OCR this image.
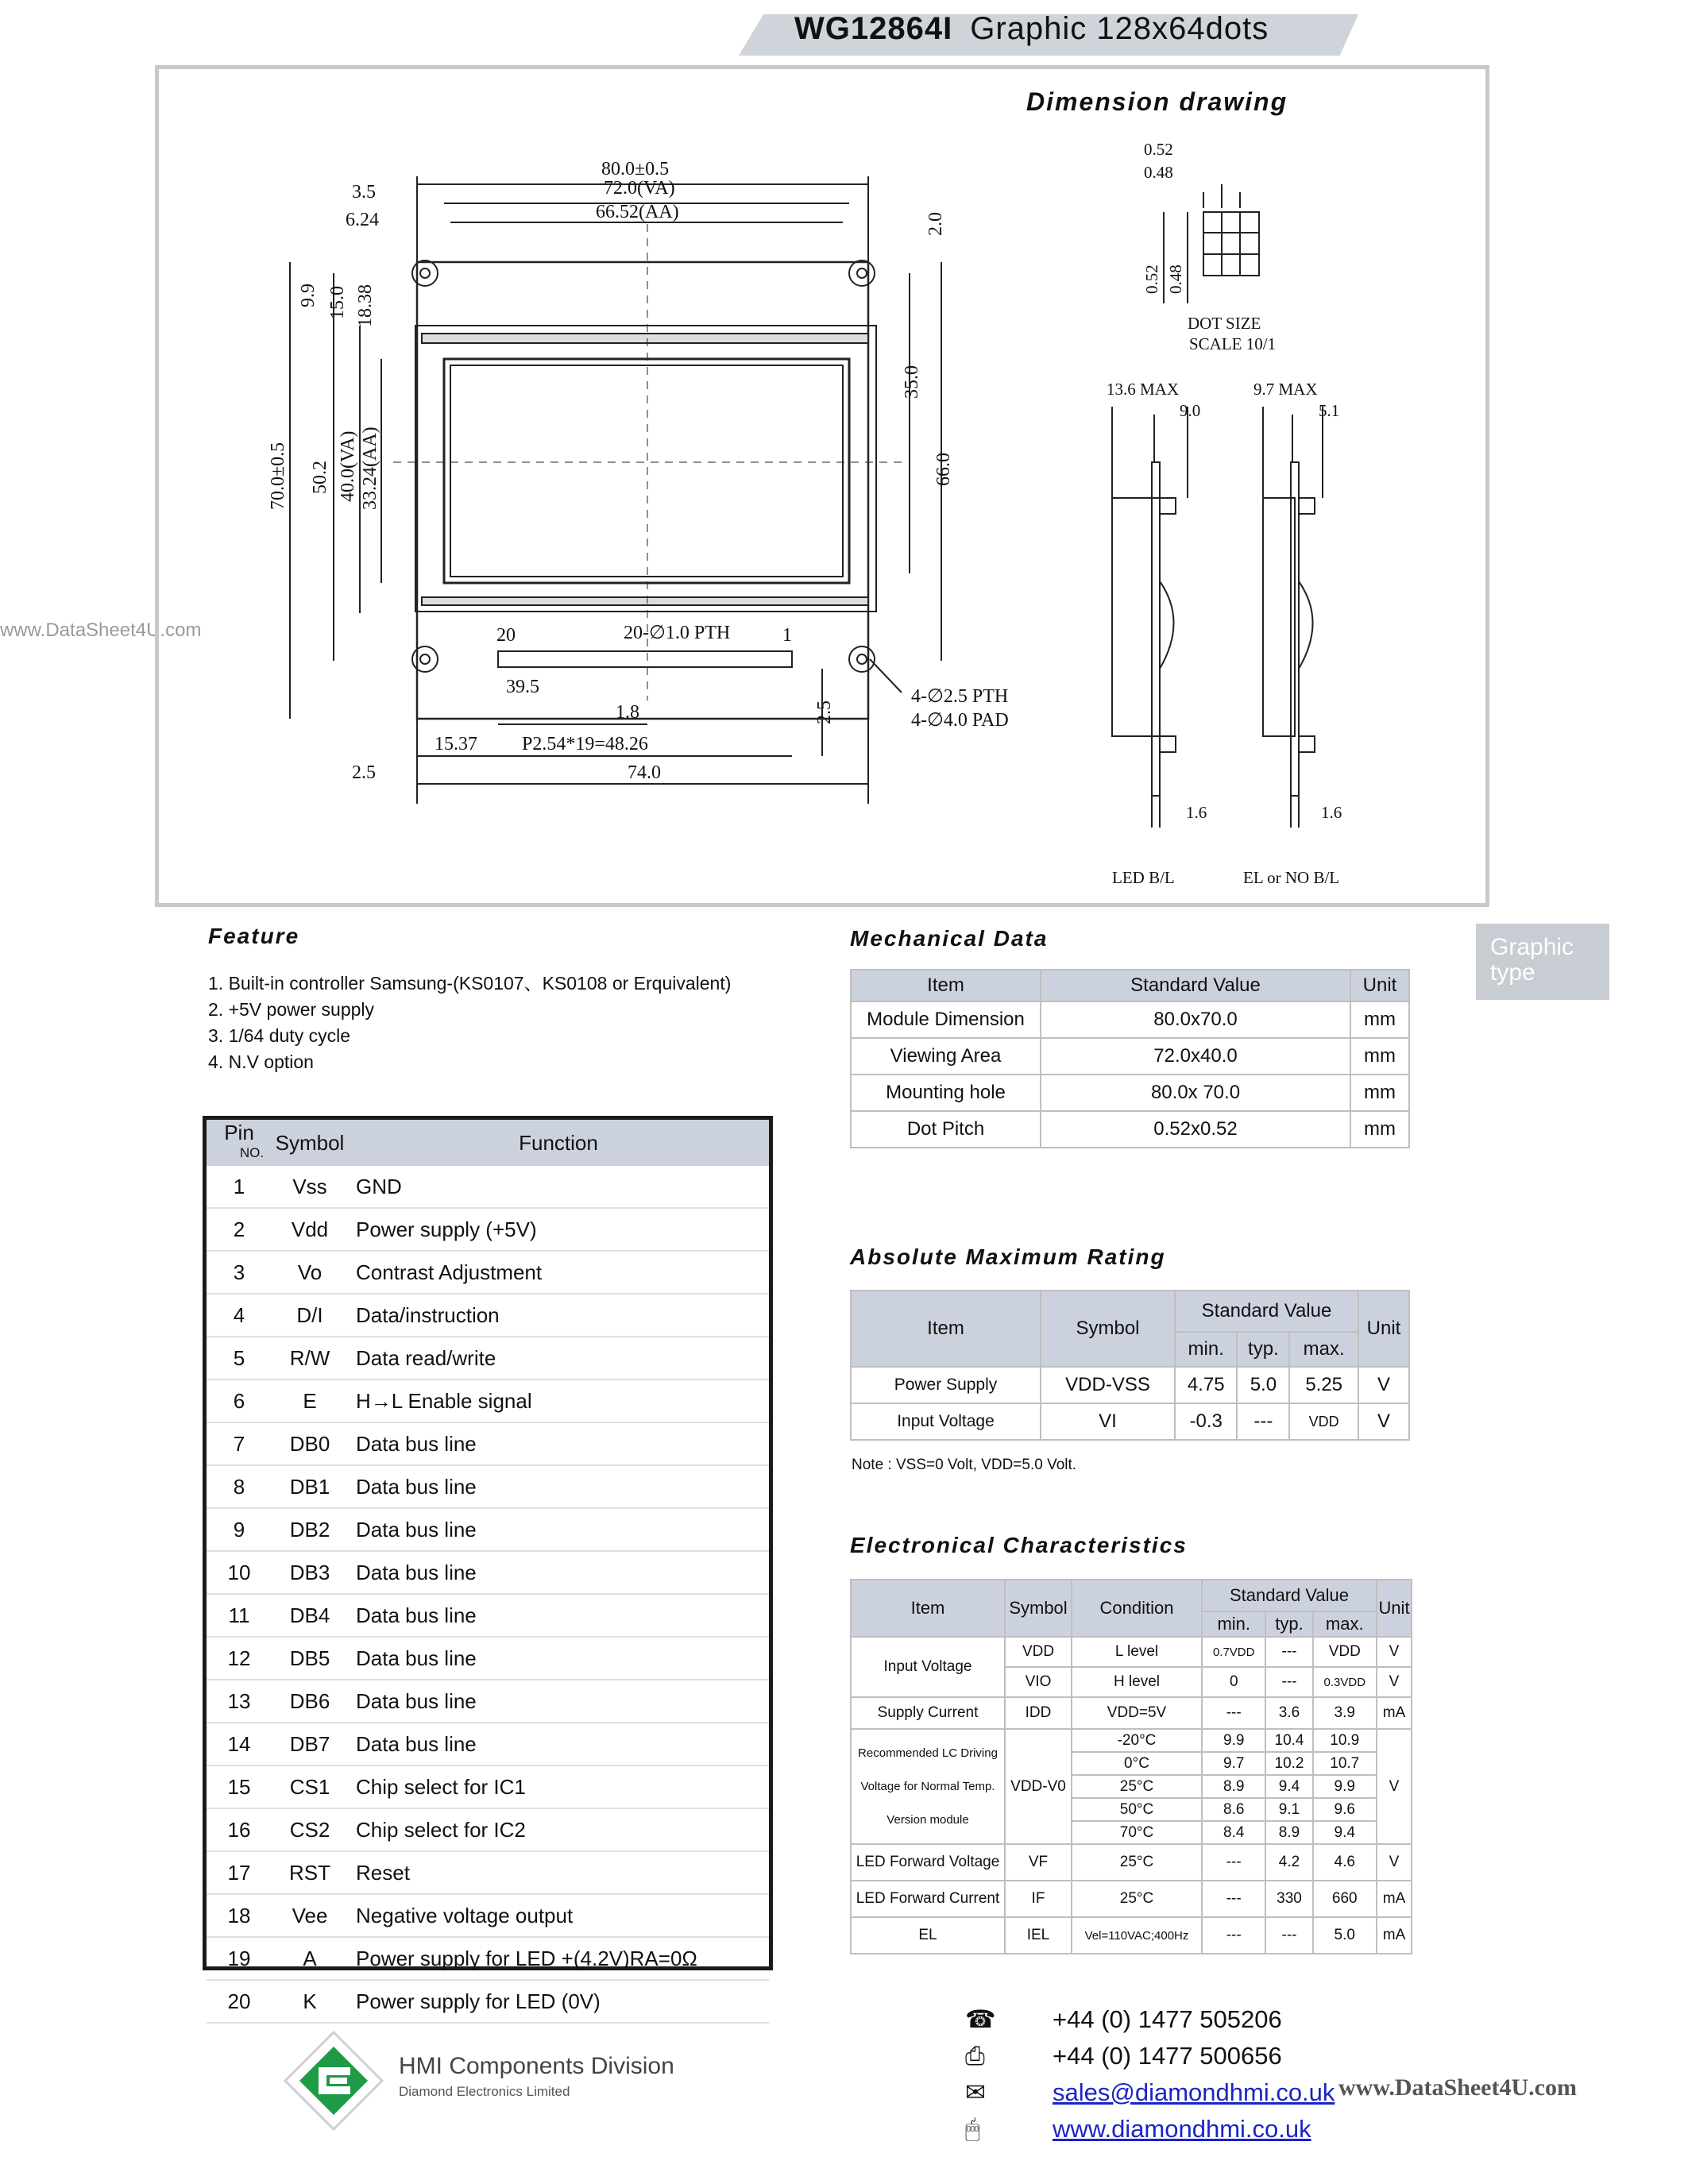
WG12864I Graphic 128x64dots
www.DataSheet4U.com
Dimension drawing
80.0±0.5
72.0(VA)
66.52(AA)
3.5
6.24	2.0
35.0
66.0
9.9 15.0 18.38
70.0±0.5 50.2 40.0(VA) 33.24(AA)
20	20-∅1.0 PTH	1
39.5
1.8
15.37 P2.54*19=48.26
2.5
2.5
74.0
4-∅2.5 PTH
4-∅4.0 PAD
0.52
0.48
0.52 0.48
DOT SIZE
SCALE 10/1
13.6 MAX
9.0
1.6
LED B/L
9.7 MAX
5.1
1.6
EL or NO B/L
Graphic
type
Feature
1. Built-in controller Samsung-(KS0107、KS0108 or Erquivalent)
2. +5V power supply
3. 1/64 duty cycle
4. N.V option
Pin
NO.	Symbol	Function
1	Vss	GND
2	Vdd	Power supply (+5V)
3	Vo	Contrast Adjustment
4	D/I	Data/instruction
5	R/W	Data read/write
6	E	H→L Enable signal
7	DB0	Data bus line
8	DB1	Data bus line
9	DB2	Data bus line
10	DB3	Data bus line
11	DB4	Data bus line
12	DB5	Data bus line
13	DB6	Data bus line
14	DB7	Data bus line
15	CS1	Chip select for IC1
16	CS2	Chip select for IC2
17	RST	Reset
18	Vee	Negative voltage output
19	A	Power supply for LED +(4.2V)RA=0Ω
20	K	Power supply for LED (0V)
Mechanical Data
Item	Standard Value	Unit
Module Dimension	80.0x70.0	mm
Viewing Area	72.0x40.0	mm
Mounting hole	80.0x 70.0	mm
Dot Pitch	0.52x0.52	mm
Absolute Maximum Rating
Item	Symbol	Standard Value			Unit
		min.	typ.	max.	
Power Supply	VDD-VSS	4.75	5.0	5.25	V
Input Voltage	VI	-0.3	---	VDD	V
Note : VSS=0 Volt, VDD=5.0 Volt.
Electronical Characteristics
Item	Symbol	Condition	Standard Value			Unit
			min.	typ.	max.	
Input Voltage	VDD	L level	0.7VDD	---	VDD	V
	VIO	H level	0	---	0.3VDD	V
Supply Current	IDD	VDD=5V	---	3.6	3.9	mA

Recommended LC Driving
Voltage for Normal Temp.
Version module	VDD-V0	-20°C	9.9	10.4	10.9	V
		0°C	9.7	10.2	10.7	
		25°C	8.9	9.4	9.9	
		50°C	8.6	9.1	9.6	
		70°C	8.4	8.9	9.4	
LED Forward Voltage	VF	25°C	---	4.2	4.6	V
LED Forward Current	IF	25°C	---	330	660	mA
EL	IEL	Vel=110VAC;400Hz	---	---	5.0	mA
HMI Components Division
Diamond Electronics Limited
☎ +44 (0) 1477 505206
⎙	+44 (0) 1477 500656
✉	sales@diamondhmi.co.uk
🖱	www.diamondhmi.co.uk
www.DataSheet4U.com
